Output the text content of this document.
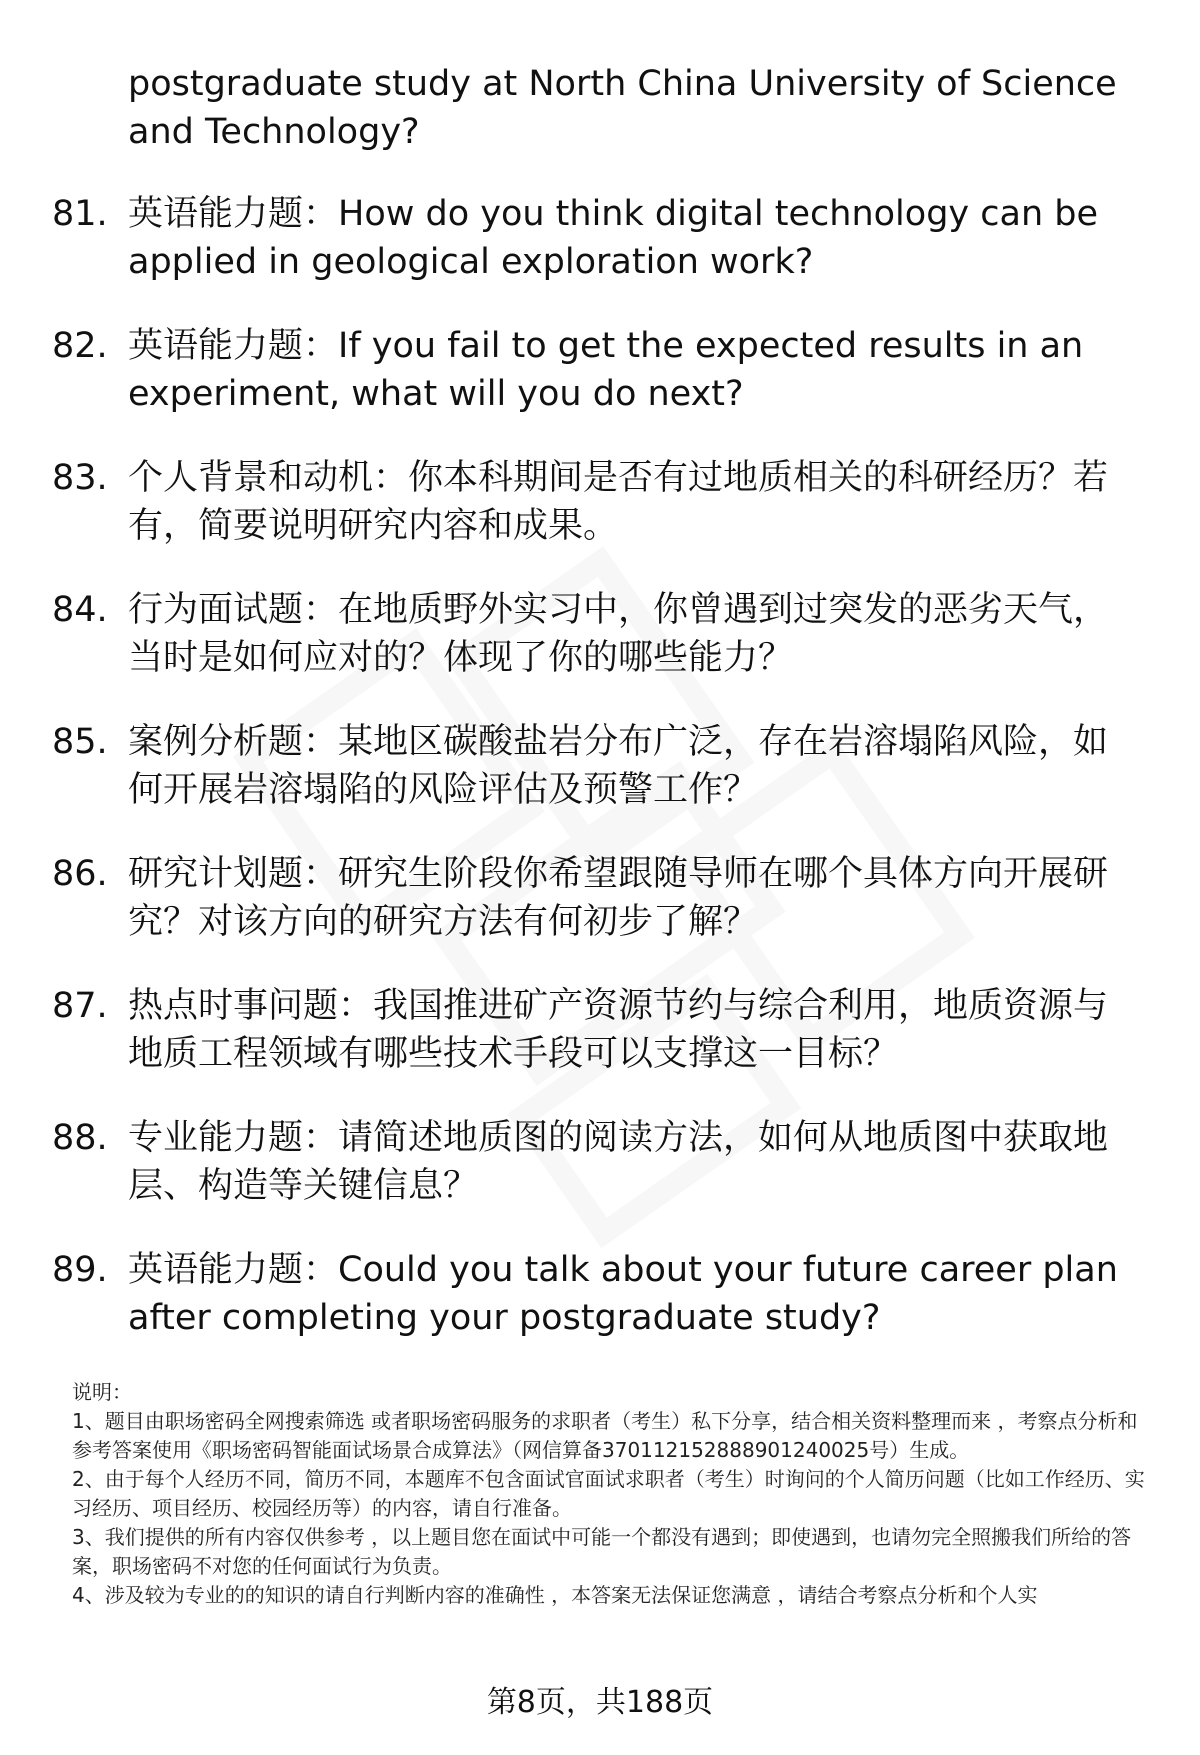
postgraduate study at North China University of Science and Technology?
81. 英语能力题：How do you think digital technology can be applied in geological exploration work?
82. 英语能力题：If you fail to get the expected results in an experiment, what will you do next?
83. 个人背景和动机：你本科期间是否有过地质相关的科研经历？若有，简要说明研究内容和成果。
84. 行为面试题：在地质野外实习中，你曾遇到过突发的恶劣天气，当时是如何应对的？体现了你的哪些能力？
85. 案例分析题：某地区碳酸盐岩分布广泛，存在岩溶塌陷风险，如何开展岩溶塌陷的风险评估及预警工作？
86. 研究计划题：研究生阶段你希望跟随导师在哪个具体方向开展研究？对该方向的研究方法有何初步了解？
87. 热点时事问题：我国推进矿产资源节约与综合利用，地质资源与地质工程领域有哪些技术手段可以支撑这一目标？
88. 专业能力题：请简述地质图的阅读方法，如何从地质图中获取地层、构造等关键信息？
89. 英语能力题：Could you talk about your future career plan after completing your postgraduate study?

说明：

1、题目由职场密码全网搜索筛选 或者职场密码服务的求职者（考生）私下分享，结合相关资料整理而来 ，考察点分析和参考答案使用《职场密码智能面试场景合成算法》（网信算备370112152888901240025号）生成。

2、由于每个人经历不同，简历不同，本题库不包含面试官面试求职者（考生）时询问的个人简历问题（比如工作经历、实习经历、项目经历、校园经历等）的内容，请自行准备。

3、我们提供的所有内容仅供参考 ，以上题目您在面试中可能一个都没有遇到；即使遇到，也请勿完全照搬我们所给的答案，职场密码不对您的任何面试行为负责。

4、涉及较为专业的的知识的请自行判断内容的准确性 ，本答案无法保证您满意 ，请结合考察点分析和个人实

第8页，共188页
